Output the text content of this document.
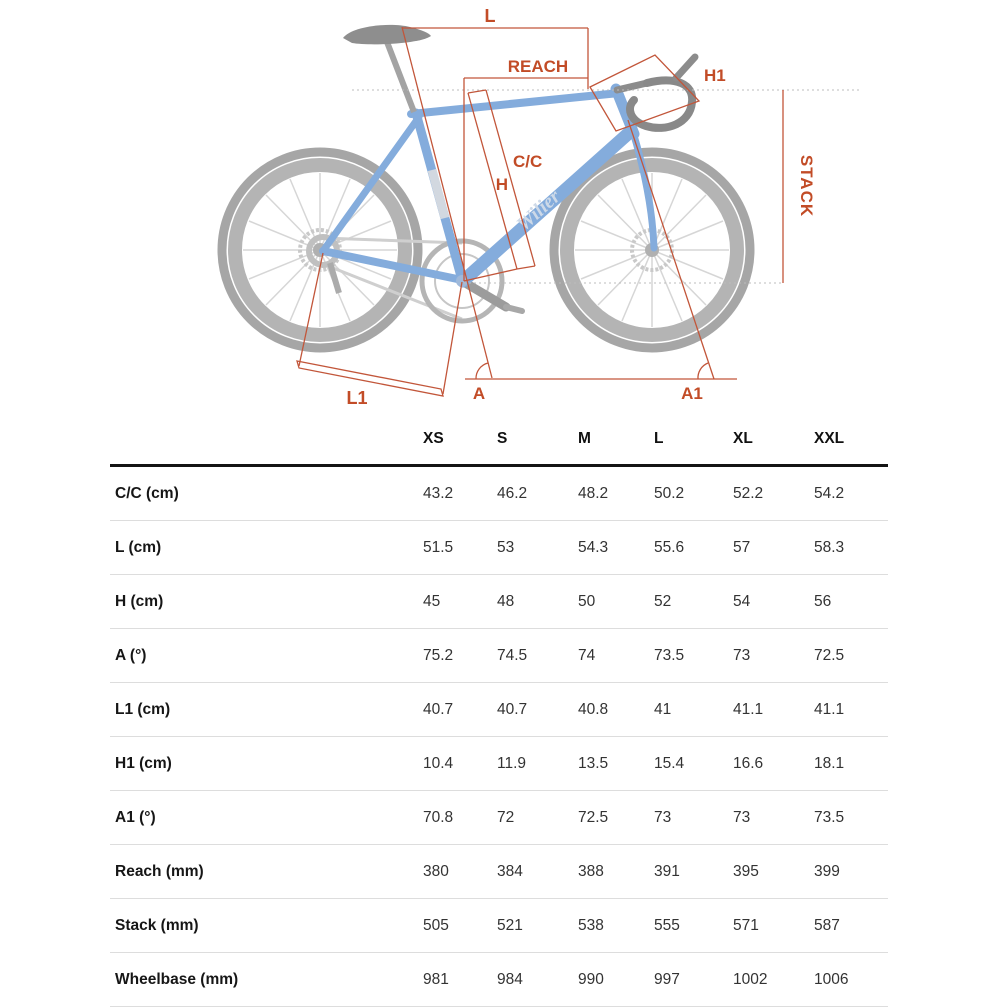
Wilier
L
REACH	H1
C/C
H	STACK
L1	A	A1
XS	S	M	L	XL	XXL
C/C (cm)	43.2	46.2	48.2	50.2	52.2	54.2
L (cm)	51.5	53	54.3	55.6	57	58.3
H (cm)	45	48	50	52	54	56
A (°)	75.2	74.5	74	73.5	73	72.5
L1 (cm)	40.7	40.7	40.8	41	41.1	41.1
H1 (cm)	10.4	11.9	13.5	15.4	16.6	18.1
A1 (°)	70.8	72	72.5	73	73	73.5
Reach (mm)	380	384	388	391	395	399
Stack (mm)	505	521	538	555	571	587
Wheelbase (mm)	981	984	990	997	1002	1006
